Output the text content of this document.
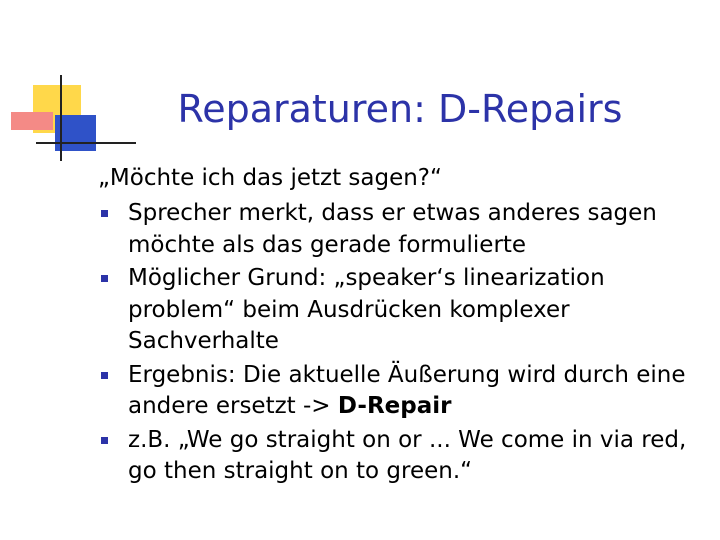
Reparaturen: D-Repairs
„Möchte ich das jetzt sagen?“
Sprecher merkt, dass er etwas anderes sagen möchte als das gerade formulierte
Möglicher Grund: „speaker‘s linearization problem“ beim Ausdrücken komplexer Sachverhalte
Ergebnis: Die aktuelle Äußerung wird durch eine andere ersetzt -> D-Repair
z.B. „We go straight on or ... We come in via red, go then straight on to green.“
